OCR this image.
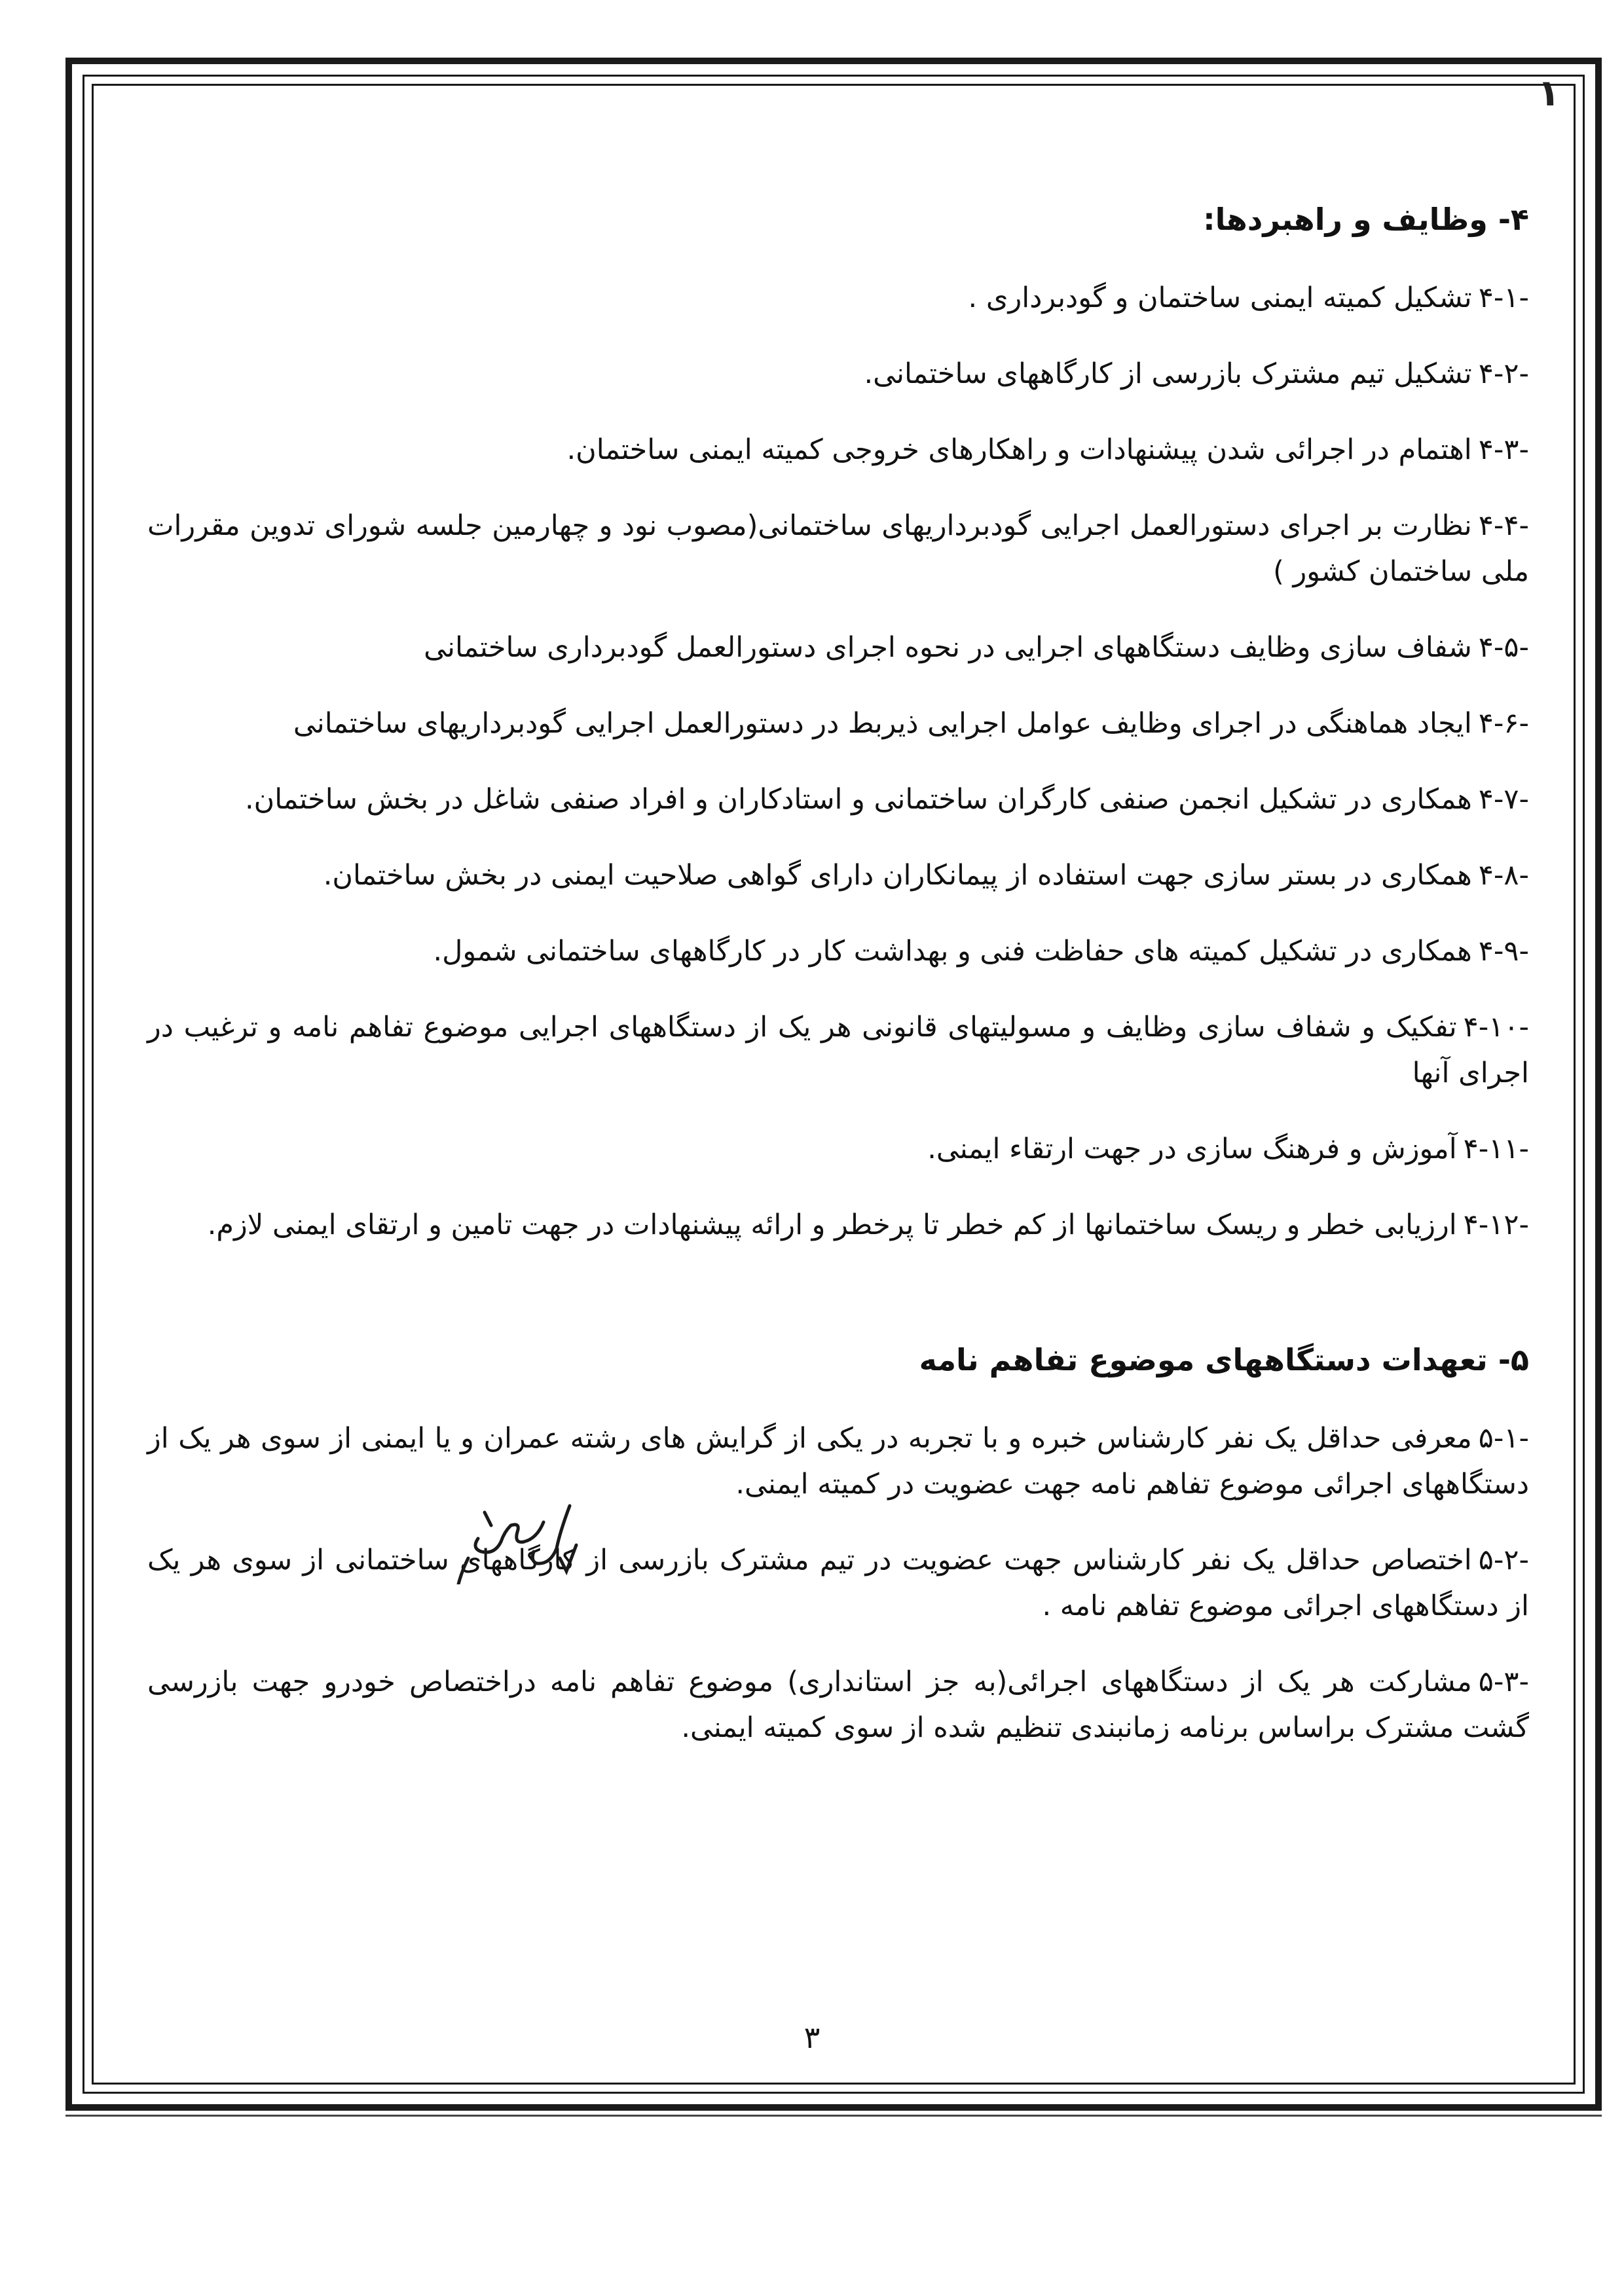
۱
۴- وظایف و راهبردها:
۴-۱-تشکیل کمیته ایمنی ساختمان و گودبرداری .
۴-۲-تشکیل تیم مشترک بازرسی از کارگاههای ساختمانی.
۴-۳-اهتمام در اجرائی شدن پیشنهادات و راهکارهای خروجی کمیته ایمنی ساختمان.
۴-۴-نظارت بر اجرای دستورالعمل اجرایی گودبرداریهای ساختمانی(مصوب نود و چهارمین جلسه شورای تدوین مقررات ملی ساختمان کشور )
۴-۵-شفاف سازی وظایف دستگاههای اجرایی در نحوه اجرای دستورالعمل گودبرداری ساختمانی
۴-۶-ایجاد هماهنگی در اجرای وظایف عوامل اجرایی ذیربط در دستورالعمل اجرایی گودبرداریهای ساختمانی
۴-۷-همکاری در تشکیل انجمن صنفی کارگران ساختمانی و استادکاران و افراد صنفی شاغل در بخش ساختمان.
۴-۸-همکاری در بستر سازی جهت استفاده از پیمانکاران دارای گواهی صلاحیت ایمنی در بخش ساختمان.
۴-۹-همکاری در تشکیل کمیته های حفاظت فنی و بهداشت کار در کارگاههای ساختمانی شمول.
۴-۱۰-تفکیک و شفاف سازی وظایف و مسولیتهای قانونی هر یک از دستگاههای اجرایی موضوع تفاهم نامه و ترغیب در اجرای آنها
۴-۱۱-آموزش و فرهنگ سازی در جهت ارتقاء ایمنی.
۴-۱۲-ارزیابی خطر و ریسک ساختمانها از کم خطر تا پرخطر و ارائه پیشنهادات در جهت تامین و ارتقای ایمنی لازم.
۵- تعهدات دستگاههای موضوع تفاهم نامه
۵-۱-معرفی حداقل یک نفر کارشناس خبره و با تجربه در یکی از گرایش های رشته عمران و یا ایمنی از سوی هر یک از دستگاههای اجرائی موضوع تفاهم نامه جهت عضویت در کمیته ایمنی.
۵-۲-اختصاص حداقل یک نفر کارشناس جهت عضویت در تیم مشترک بازرسی از کارگاههای ساختمانی از سوی هر یک از دستگاههای اجرائی موضوع تفاهم نامه .
۵-۳-مشارکت هر یک از دستگاههای اجرائی(به جز استانداری) موضوع تفاهم نامه دراختصاص خودرو جهت بازرسی گشت مشترک براساس برنامه زمانبندی تنظیم شده از سوی کمیته ایمنی.
۳
